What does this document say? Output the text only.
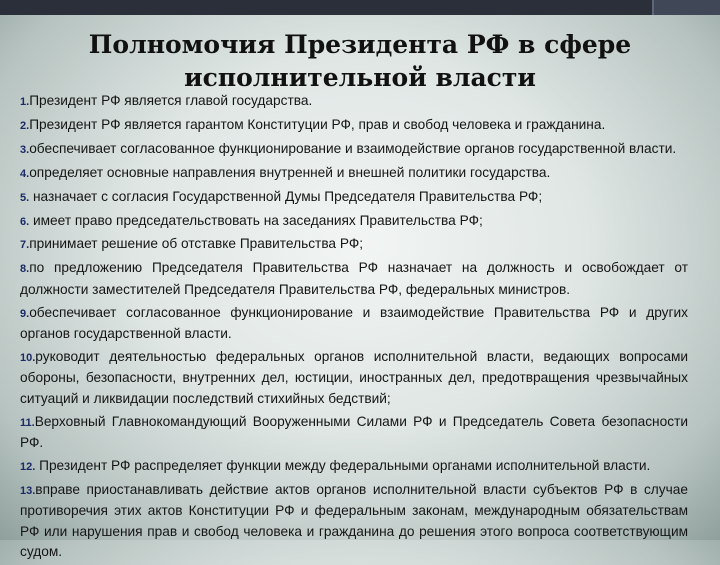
Полномочия Президента РФ в сфере
исполнительной власти
1.Президент РФ является главой государства.
2.Президент РФ является гарантом Конституции РФ, прав и свобод человека и гражданина.
3.обеспечивает согласованное функционирование и взаимодействие органов государственной власти.
4.определяет основные направления внутренней и внешней политики государства.
5. назначает с согласия Государственной Думы Председателя Правительства РФ;
6. имеет право председательствовать на заседаниях Правительства РФ;
7.принимает решение об отставке Правительства РФ;
8.по предложению Председателя Правительства РФ назначает на должность и освобождает от должности заместителей Председателя Правительства РФ, федеральных министров.
9.обеспечивает согласованное функционирование и взаимодействие Правительства РФ и других органов государственной власти.
10.руководит деятельностью федеральных органов исполнительной власти, ведающих вопросами обороны, безопасности, внутренних дел, юстиции, иностранных дел, предотвращения чрезвычайных ситуаций и ликвидации последствий стихийных бедствий;
11.Верховный Главнокомандующий Вооруженными Силами РФ и Председатель Совета безопасности РФ.
12. Президент РФ распределяет функции между федеральными органами исполнительной власти.
13.вправе приостанавливать действие актов органов исполнительной власти субъектов РФ в случае противоречия этих актов Конституции РФ и федеральным законам, международным обязательствам РФ или нарушения прав и свобод человека и гражданина до решения этого вопроса соответствующим судом.
